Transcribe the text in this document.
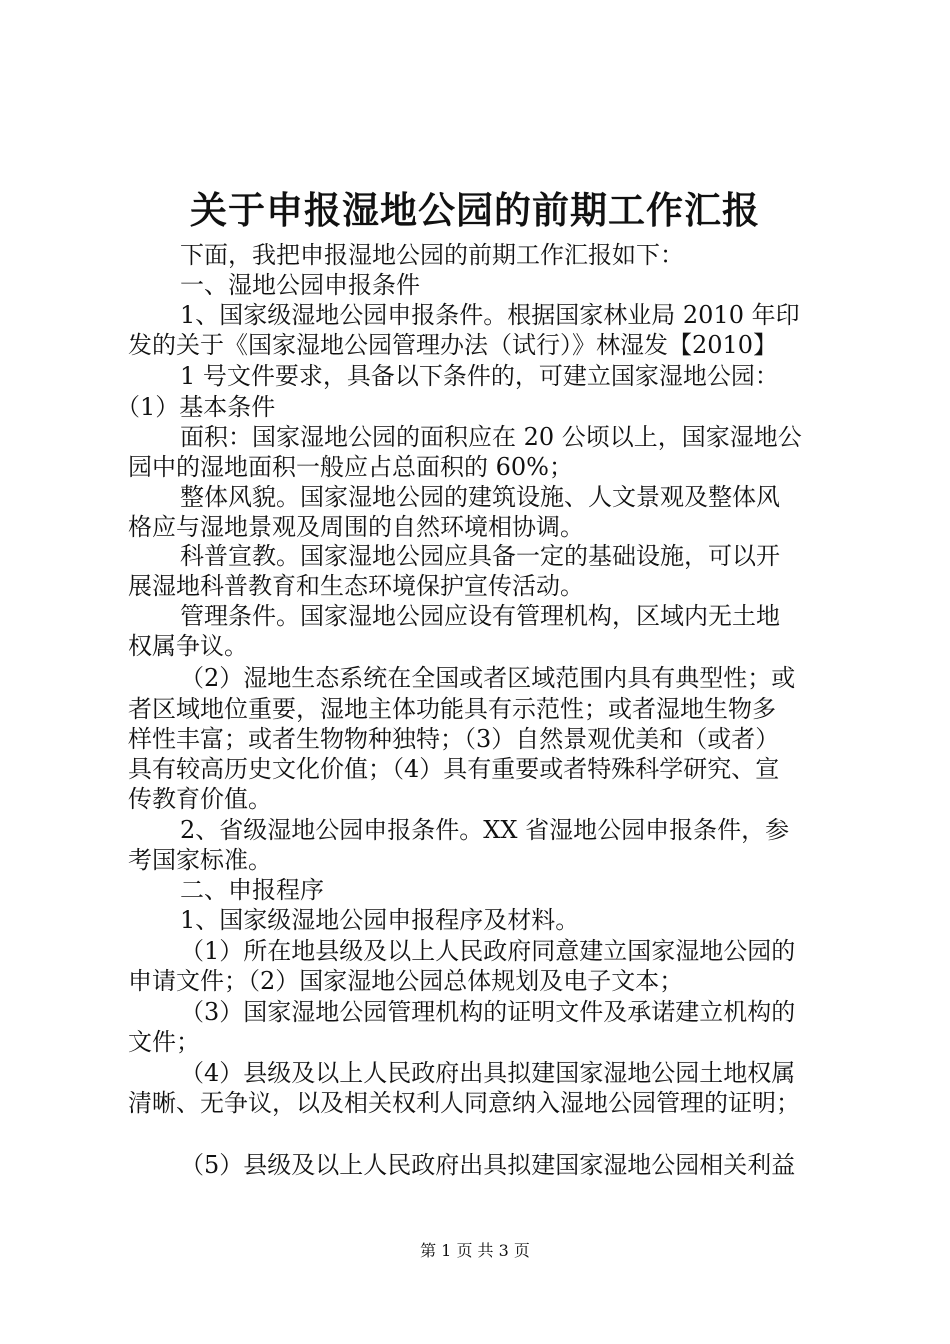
关于申报湿地公园的前期工作汇报
下面，我把申报湿地公园的前期工作汇报如下：
一、湿地公园申报条件
1、国家级湿地公园申报条件。根据国家林业局 2010 年印
发的关于《国家湿地公园管理办法（试行）》林湿发【2010】
1 号文件要求，具备以下条件的，可建立国家湿地公园：
（1）基本条件
面积：国家湿地公园的面积应在 20 公顷以上，国家湿地公
园中的湿地面积一般应占总面积的 60%；
整体风貌。国家湿地公园的建筑设施、人文景观及整体风
格应与湿地景观及周围的自然环境相协调。
科普宣教。国家湿地公园应具备一定的基础设施，可以开
展湿地科普教育和生态环境保护宣传活动。
管理条件。国家湿地公园应设有管理机构，区域内无土地
权属争议。
（2）湿地生态系统在全国或者区域范围内具有典型性；或
者区域地位重要，湿地主体功能具有示范性；或者湿地生物多
样性丰富；或者生物物种独特；（3）自然景观优美和（或者）
具有较高历史文化价值；（4）具有重要或者特殊科学研究、宣
传教育价值。
2、省级湿地公园申报条件。XX 省湿地公园申报条件，参
考国家标准。
二、申报程序
1、国家级湿地公园申报程序及材料。
（1）所在地县级及以上人民政府同意建立国家湿地公园的
申请文件；（2）国家湿地公园总体规划及电子文本；
（3）国家湿地公园管理机构的证明文件及承诺建立机构的
文件；
（4）县级及以上人民政府出具拟建国家湿地公园土地权属
清晰、无争议，以及相关权利人同意纳入湿地公园管理的证明；
（5）县级及以上人民政府出具拟建国家湿地公园相关利益
第 1 页 共 3 页
